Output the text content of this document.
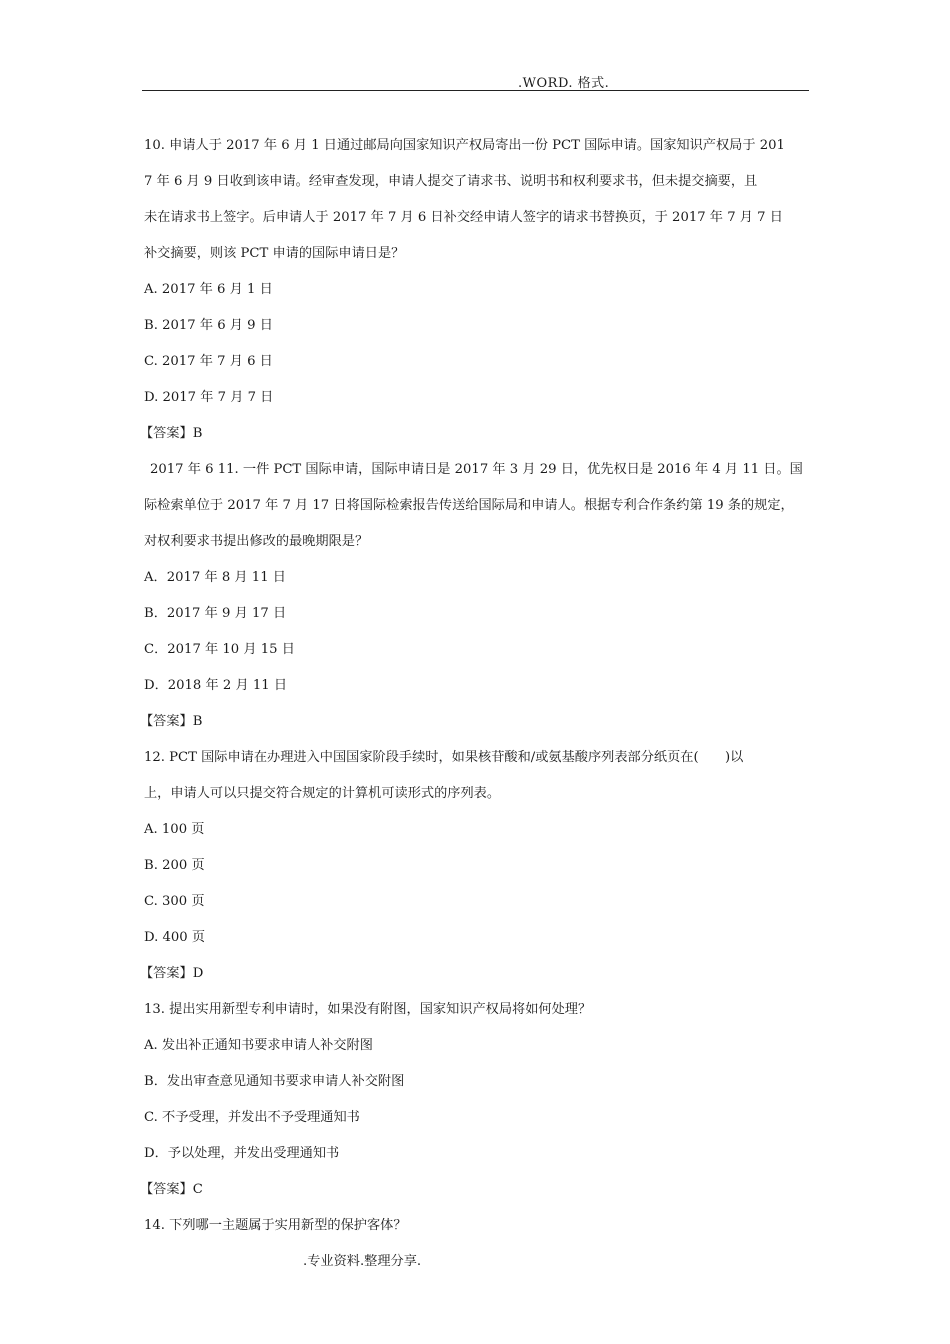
.WORD. 格式.
10. 申请人于 2017 年 6 月 1 日通过邮局向国家知识产权局寄出一份 PCT 国际申请。国家知识产权局于 201
7 年 6 月 9 日收到该申请。经审查发现，申请人提交了请求书、说明书和权利要求书，但未提交摘要，且
未在请求书上签字。后申请人于 2017 年 7 月 6 日补交经申请人签字的请求书替换页，于 2017 年 7 月 7 日
补交摘要，则该 PCT 申请的国际申请日是？
A. 2017 年 6 月 1 日
B. 2017 年 6 月 9 日
C. 2017 年 7 月 6 日
D. 2017 年 7 月 7 日
【答案】B
2017 年 6 11. 一件 PCT 国际申请，国际申请日是 2017 年 3 月 29 日，优先权日是 2016 年 4 月 11 日。国
际检索单位于 2017 年 7 月 17 日将国际检索报告传送给国际局和申请人。根据专利合作条约第 19 条的规定，
对权利要求书提出修改的最晚期限是？
A．2017 年 8 月 11 日
B．2017 年 9 月 17 日
C．2017 年 10 月 15 日
D．2018 年 2 月 11 日
【答案】B
12. PCT 国际申请在办理进入中国国家阶段手续时，如果核苷酸和/或氨基酸序列表部分纸页在(　　)以
上，申请人可以只提交符合规定的计算机可读形式的序列表。
A. 100 页
B. 200 页
C. 300 页
D. 400 页
【答案】D
13. 提出实用新型专利申请时，如果没有附图，国家知识产权局将如何处理？
A. 发出补正通知书要求申请人补交附图
B．发出审查意见通知书要求申请人补交附图
C. 不予受理，并发出不予受理通知书
D．予以处理，并发出受理通知书
【答案】C
14. 下列哪一主题属于实用新型的保护客体？
.专业资料.整理分享.
